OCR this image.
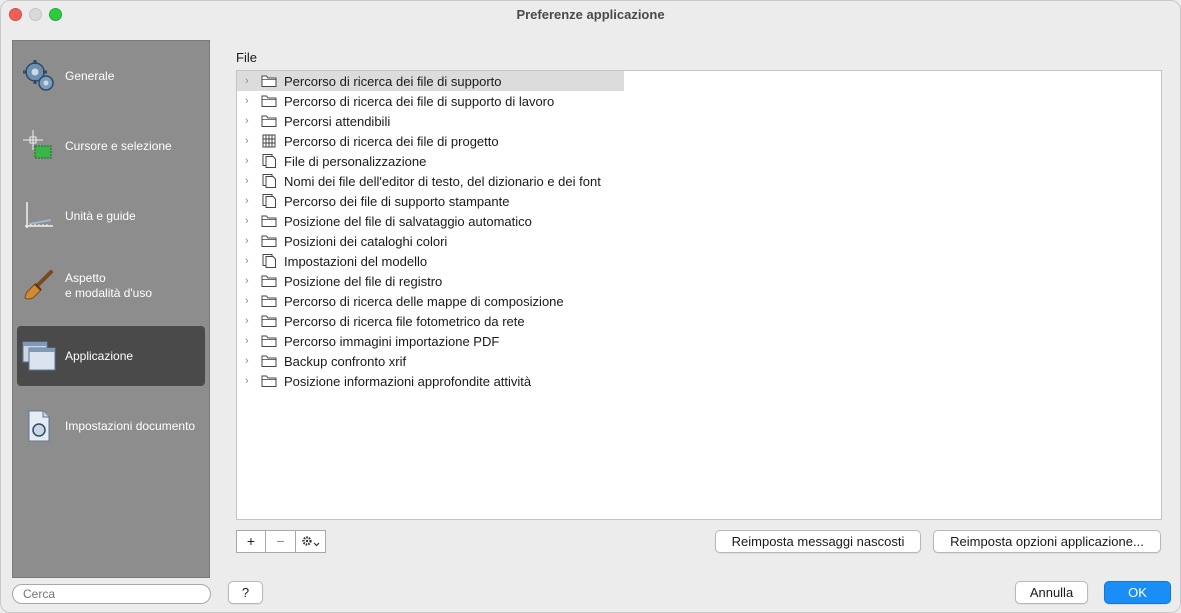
Preferenze applicazione
Generale
Cursore e selezione
Unità e guide
Aspetto
e modalità d'uso
Applicazione
Impostazioni documento
Cerca
File
›	Percorso di ricerca dei file di supporto
›	Percorso di ricerca dei file di supporto di lavoro
›	Percorsi attendibili
›	Percorso di ricerca dei file di progetto
›	File di personalizzazione
›	Nomi dei file dell'editor di testo, del dizionario e dei font
›	Percorso dei file di supporto stampante
›	Posizione del file di salvataggio automatico
›	Posizioni dei cataloghi colori
›	Impostazioni del modello
›	Posizione del file di registro
›	Percorso di ricerca delle mappe di composizione
›	Percorso di ricerca file fotometrico da rete
›	Percorso immagini importazione PDF
›	Backup confronto xrif
›	Posizione informazioni approfondite attività
+	−	Reimposta messaggi nascosti	Reimposta opzioni applicazione...
?	Annulla	OK
